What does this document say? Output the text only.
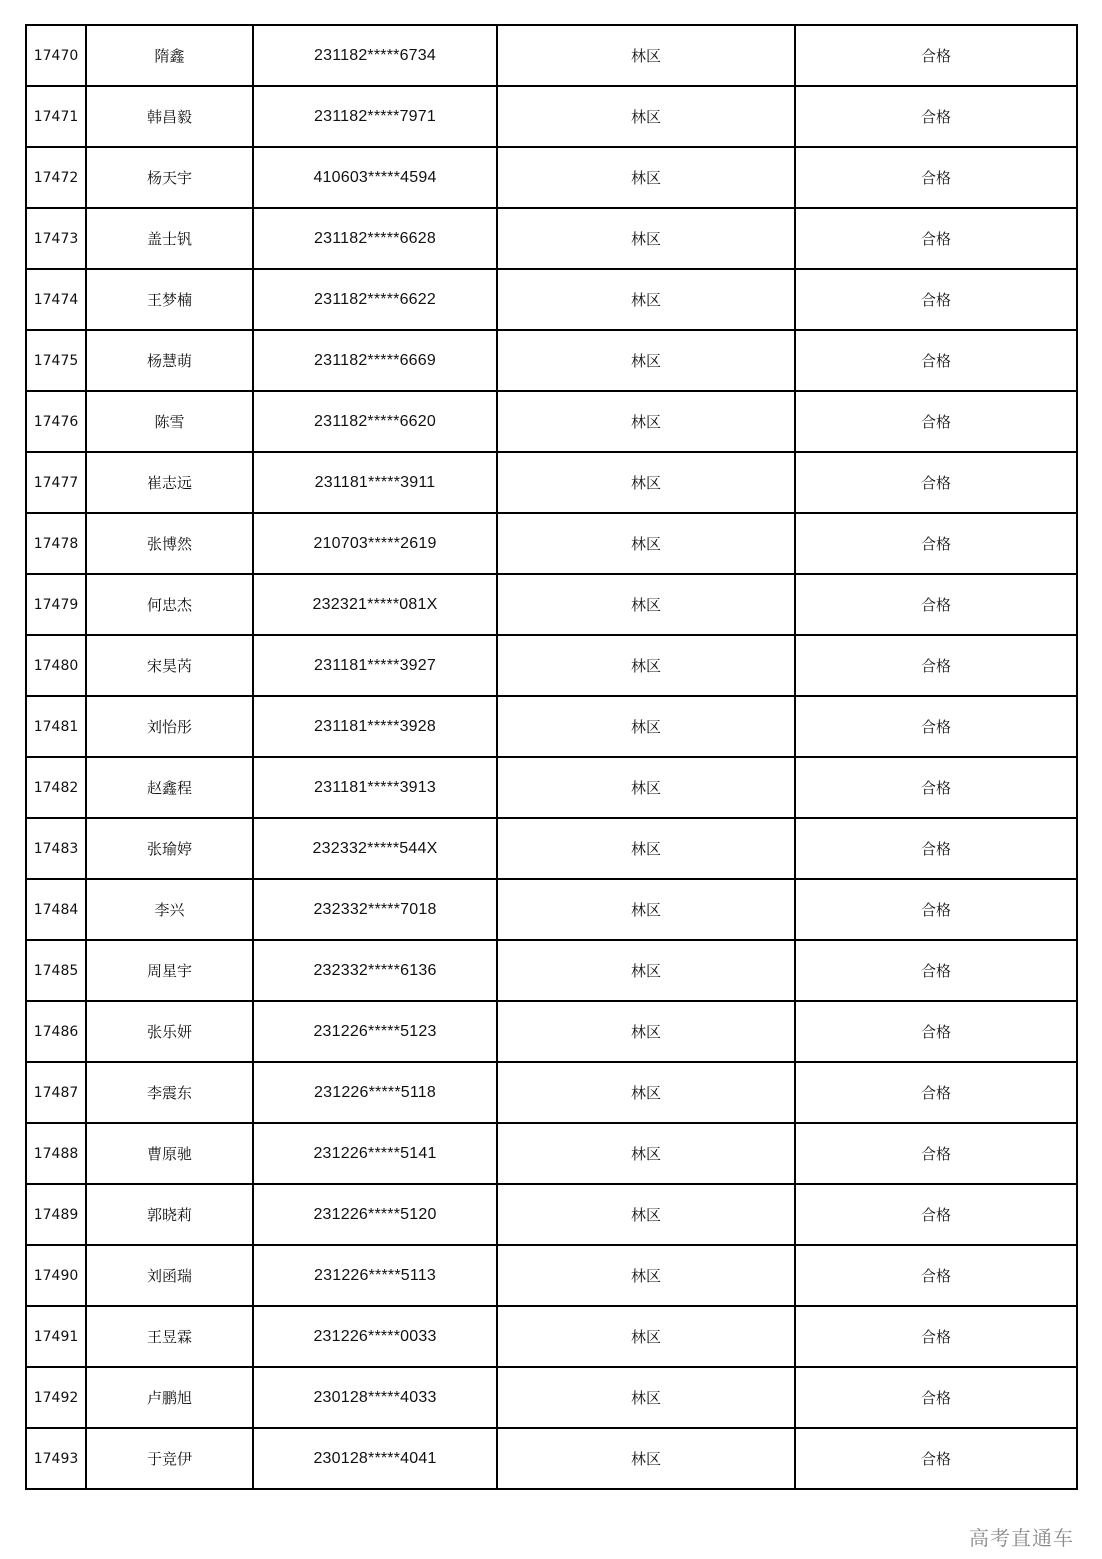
17470	隋鑫	231182*****6734	林区	合格
17471	韩昌毅	231182*****7971	林区	合格
17472	杨天宇	410603*****4594	林区	合格
17473	盖士钒	231182*****6628	林区	合格
17474	王梦楠	231182*****6622	林区	合格
17475	杨慧萌	231182*****6669	林区	合格
17476	陈雪	231182*****6620	林区	合格
17477	崔志远	231181*****3911	林区	合格
17478	张博然	210703*****2619	林区	合格
17479	何忠杰	232321*****081X	林区	合格
17480	宋昊芮	231181*****3927	林区	合格
17481	刘怡彤	231181*****3928	林区	合格
17482	赵鑫程	231181*****3913	林区	合格
17483	张瑜婷	232332*****544X	林区	合格
17484	李兴	232332*****7018	林区	合格
17485	周星宇	232332*****6136	林区	合格
17486	张乐妍	231226*****5123	林区	合格
17487	李震东	231226*****5118	林区	合格
17488	曹原驰	231226*****5141	林区	合格
17489	郭晓莉	231226*****5120	林区	合格
17490	刘函瑞	231226*****5113	林区	合格
17491	王昱霖	231226*****0033	林区	合格
17492	卢鹏旭	230128*****4033	林区	合格
17493	于竞伊	230128*****4041	林区	合格
高考直通车
